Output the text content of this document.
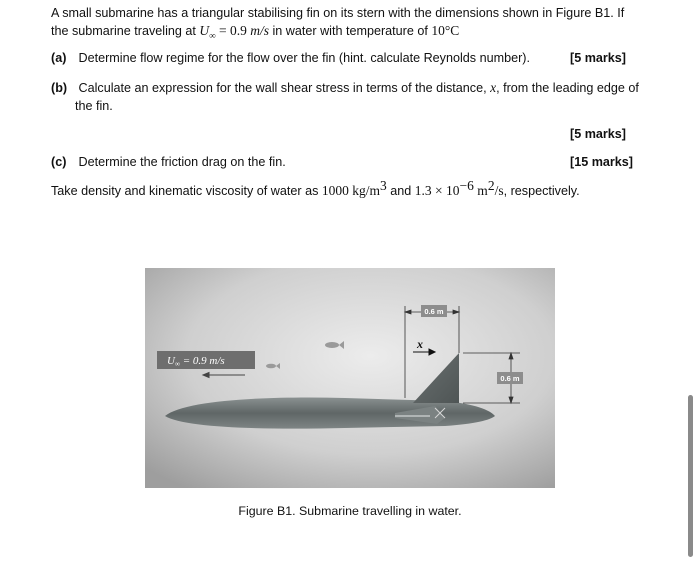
A small submarine has a triangular stabilising fin on its stern with the dimensions shown in Figure B1. If
the submarine traveling at $U_\infty = 0.9$ m/s in water with temperature of 10°C
(a) Determine flow regime for the flow over the fin (hint. calculate Reynolds number).	[5 marks]
(b) Calculate an expression for the wall shear stress in terms of the distance, x, from the leading edge of
the fin.
[5 marks]
(c) Determine the friction drag on the fin.	[15 marks]
Take density and kinematic viscosity of water as 1000 $kg/m^3$ and $1.3 \times 10^{-6}$ $m^2/s$, respectively.
0.6 m
x
0.6 m
U∞ = 0.9 m/s
Figure B1. Submarine travelling in water.
